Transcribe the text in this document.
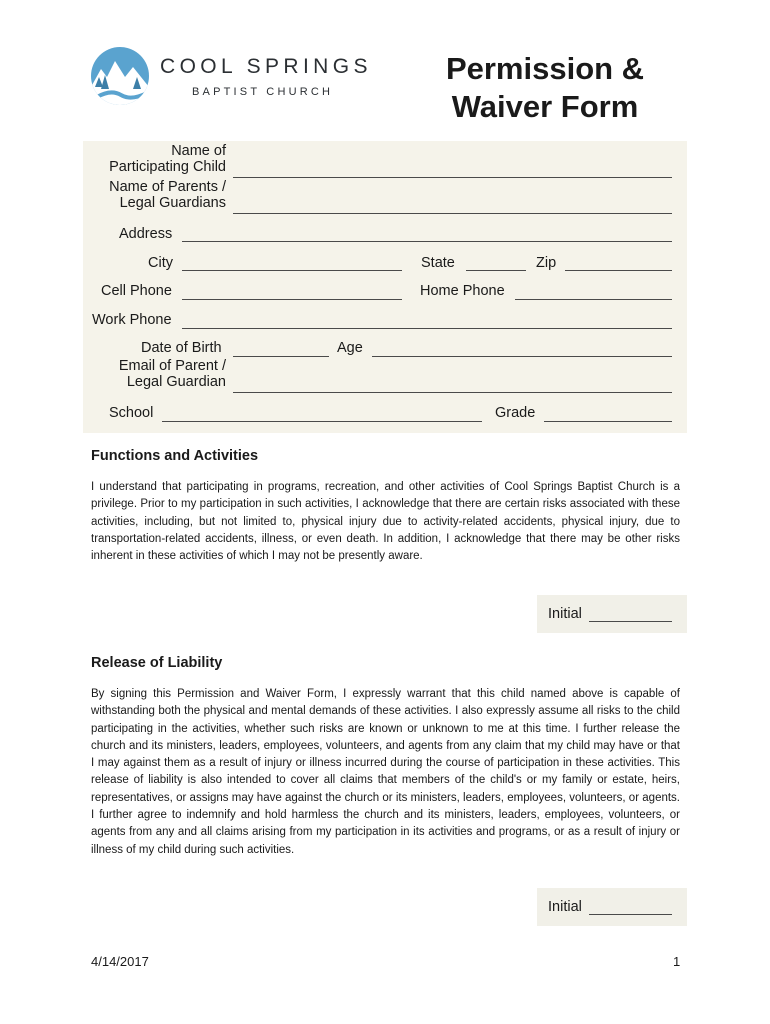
COOL SPRINGS
BAPTIST CHURCH
Permission &
Waiver Form
Name of
Participating Child
Name of Parents /
Legal Guardians
Address
City	State	Zip
Cell Phone	Home Phone
Work Phone
Date of Birth	Age
Email of Parent /
Legal Guardian
School	Grade
Functions and Activities
I understand that participating in programs, recreation, and other activities of Cool Springs Baptist Church is a privilege. Prior to my participation in such activities, I acknowledge that there are certain risks associated with these activities, including, but not limited to, physical injury due to activity-related accidents, physical injury, due to transportation-related accidents, illness, or even death. In addition, I acknowledge that there may be other risks inherent in these activities of which I may not be presently aware.
Initial
Release of Liability
By signing this Permission and Waiver Form, I expressly warrant that this child named above is capable of withstanding both the physical and mental demands of these activities. I also expressly assume all risks to the child participating in the activities, whether such risks are known or unknown to me at this time. I further release the church and its ministers, leaders, employees, volunteers, and agents from any claim that my child may have or that I may against them as a result of injury or illness incurred during the course of participation in these activities. This release of liability is also intended to cover all claims that members of the child's or my family or estate, heirs, representatives, or assigns may have against the church or its ministers, leaders, employees, volunteers, or agents. I further agree to indemnify and hold harmless the church and its ministers, leaders, employees, volunteers, or agents from any and all claims arising from my participation in its activities and programs, or as a result of injury or illness of my child during such activities.
Initial
4/14/2017	1
